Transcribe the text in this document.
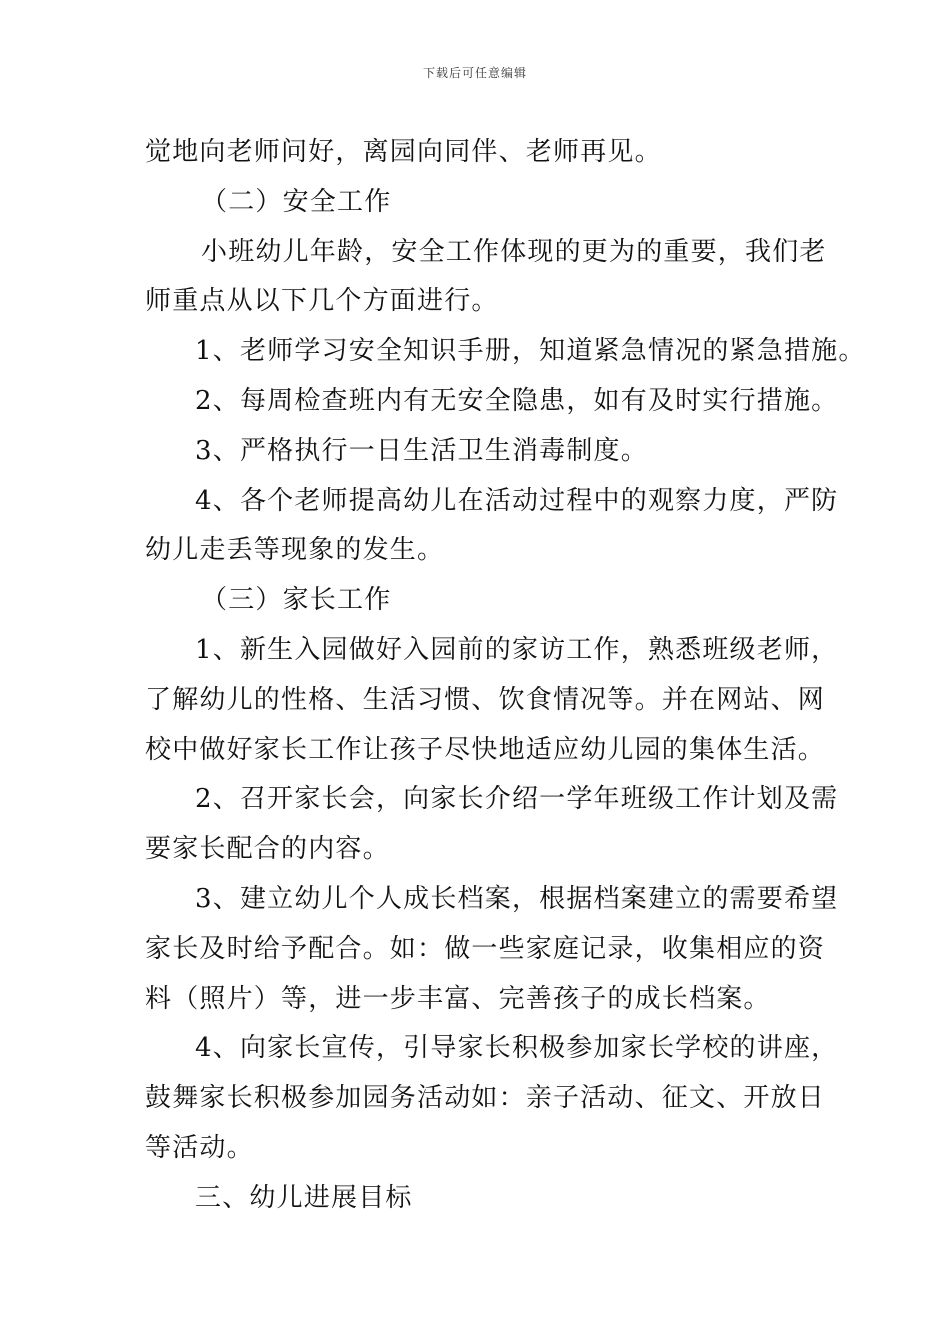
下载后可任意编辑
觉地向老师问好，离园向同伴、老师再见。
（二）安全工作
小班幼儿年龄，安全工作体现的更为的重要，我们老
师重点从以下几个方面进行。
1、老师学习安全知识手册，知道紧急情况的紧急措施。
2、每周检查班内有无安全隐患，如有及时实行措施。
3、严格执行一日生活卫生消毒制度。
4、各个老师提高幼儿在活动过程中的观察力度，严防
幼儿走丢等现象的发生。
（三）家长工作
1、新生入园做好入园前的家访工作，熟悉班级老师，
了解幼儿的性格、生活习惯、饮食情况等。并在网站、网
校中做好家长工作让孩子尽快地适应幼儿园的集体生活。
2、召开家长会，向家长介绍一学年班级工作计划及需
要家长配合的内容。
3、建立幼儿个人成长档案，根据档案建立的需要希望
家长及时给予配合。如：做一些家庭记录，收集相应的资
料（照片）等，进一步丰富、完善孩子的成长档案。
4、向家长宣传，引导家长积极参加家长学校的讲座，
鼓舞家长积极参加园务活动如：亲子活动、征文、开放日
等活动。
三、幼儿进展目标
